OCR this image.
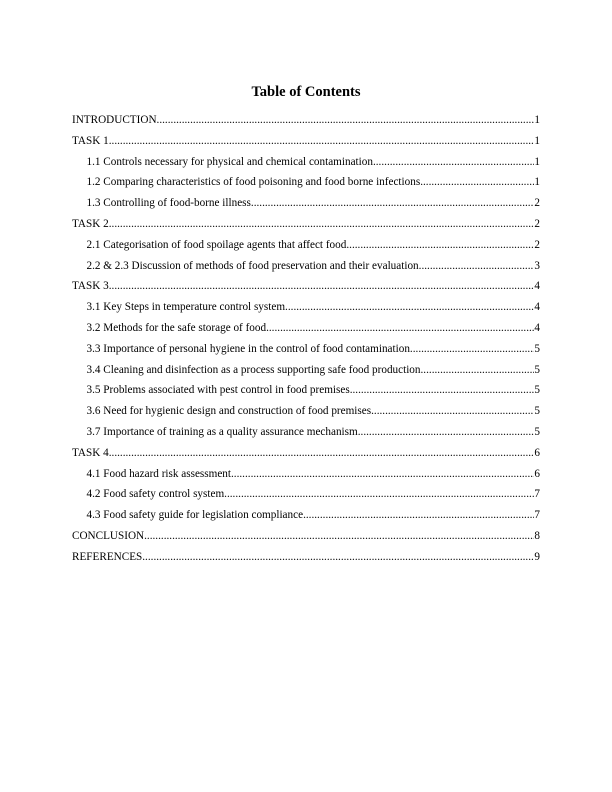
Table of Contents
INTRODUCTION .....	1
TASK 1 .....	1
1.1 Controls necessary for physical and chemical contamination .....	1
1.2 Comparing characteristics of food poisoning and food borne infections .....	1
1.3 Controlling of food-borne illness .....	2
TASK 2 .....	2
2.1 Categorisation of food spoilage agents that affect food .....	2
2.2 & 2.3 Discussion of methods of food preservation and their evaluation .....	3
TASK 3 .....	4
3.1 Key Steps in temperature control system .....	4
3.2 Methods for the safe storage of food .....	4
3.3 Importance of personal hygiene in the control of food contamination .....	5
3.4 Cleaning and disinfection as a process supporting safe food production .....	5
3.5 Problems associated with pest control in food premises .....	5
3.6 Need for hygienic design and construction of food premises .....	5
3.7 Importance of training as a quality assurance mechanism .....	5
TASK 4 .....	6
4.1 Food hazard risk assessment .....	6
4.2 Food safety control system .....	7
4.3 Food safety guide for legislation compliance .....	7
CONCLUSION .....	8
REFERENCES .....	9
